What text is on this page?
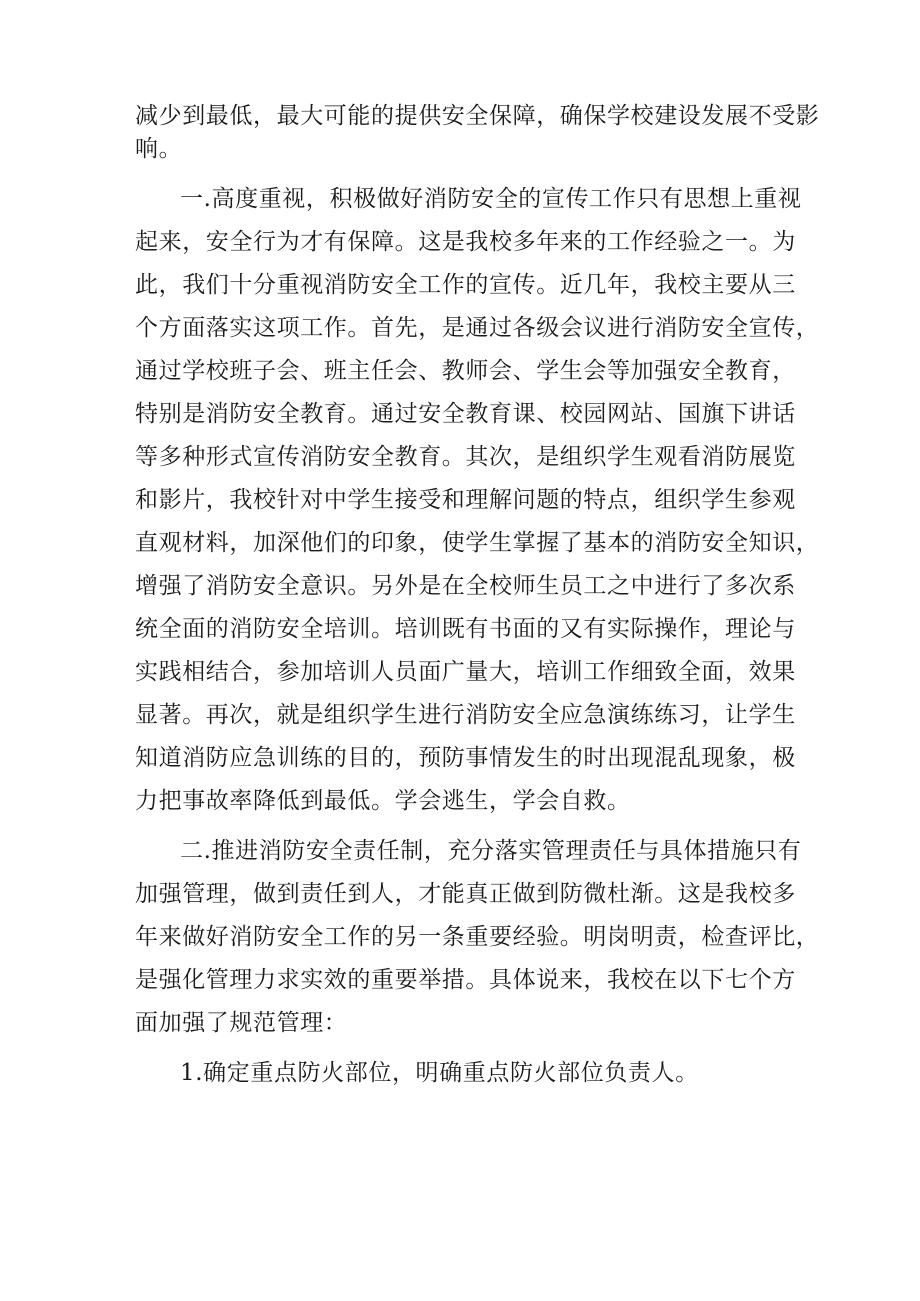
减少到最低，最大可能的提供安全保障，确保学校建设发展不受影
响。
一.高度重视，积极做好消防安全的宣传工作只有思想上重视
起来，安全行为才有保障。这是我校多年来的工作经验之一。为
此，我们十分重视消防安全工作的宣传。近几年，我校主要从三
个方面落实这项工作。首先，是通过各级会议进行消防安全宣传，
通过学校班子会、班主任会、教师会、学生会等加强安全教育，
特别是消防安全教育。通过安全教育课、校园网站、国旗下讲话
等多种形式宣传消防安全教育。其次，是组织学生观看消防展览
和影片，我校针对中学生接受和理解问题的特点，组织学生参观
直观材料，加深他们的印象，使学生掌握了基本的消防安全知识，
增强了消防安全意识。另外是在全校师生员工之中进行了多次系
统全面的消防安全培训。培训既有书面的又有实际操作，理论与
实践相结合，参加培训人员面广量大，培训工作细致全面，效果
显著。再次，就是组织学生进行消防安全应急演练练习，让学生
知道消防应急训练的目的，预防事情发生的时出现混乱现象，极
力把事故率降低到最低。学会逃生，学会自救。
二.推进消防安全责任制，充分落实管理责任与具体措施只有
加强管理，做到责任到人，才能真正做到防微杜渐。这是我校多
年来做好消防安全工作的另一条重要经验。明岗明责，检查评比，
是强化管理力求实效的重要举措。具体说来，我校在以下七个方
面加强了规范管理：
1.确定重点防火部位，明确重点防火部位负责人。
